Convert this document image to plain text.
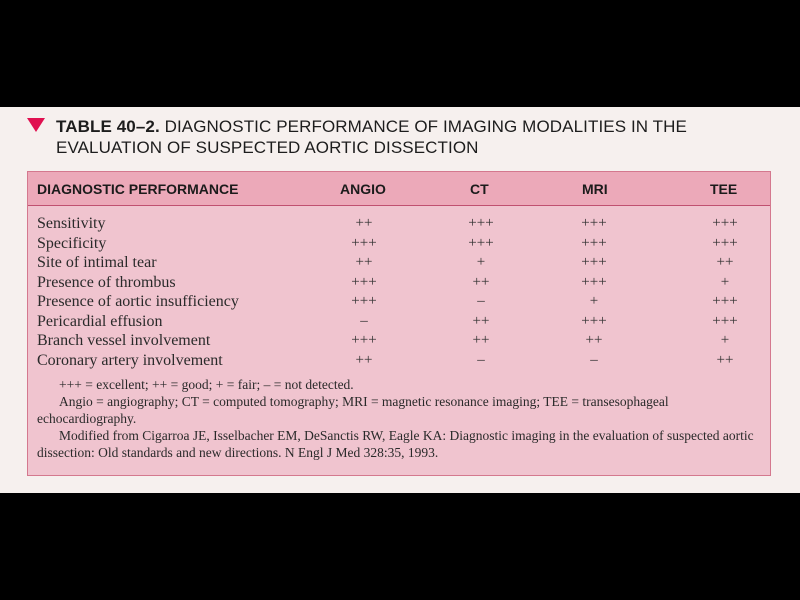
TABLE 40–2. DIAGNOSTIC PERFORMANCE OF IMAGING MODALITIES IN THE
EVALUATION OF SUSPECTED AORTIC DISSECTION
DIAGNOSTIC PERFORMANCE	ANGIO	CT	MRI	TEE
Sensitivity	++	+++	+++	+++
Specificity	+++	+++	+++	+++
Site of intimal tear	++	+	+++	++
Presence of thrombus	+++	++	+++	+
Presence of aortic insufficiency	+++	–	+	+++
Pericardial effusion	–	++	+++	+++
Branch vessel involvement	+++	++	++	+
Coronary artery involvement	++	–	–	++

+++ = excellent; ++ = good; + = fair; – = not detected.

Angio = angiography; CT = computed tomography; MRI = magnetic resonance imaging; TEE = transesophageal echocardiography.

Modified from Cigarroa JE, Isselbacher EM, DeSanctis RW, Eagle KA: Diagnostic imaging in the evaluation of suspected aortic dissection: Old standards and new directions. N Engl J Med 328:35, 1993.
